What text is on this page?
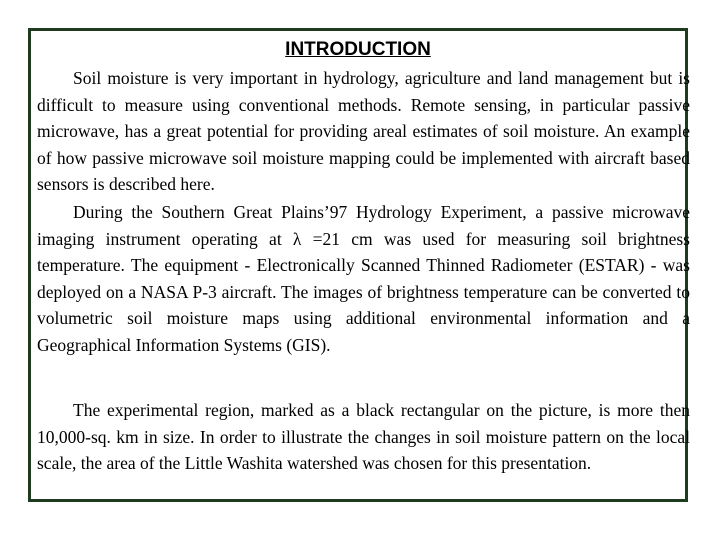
INTRODUCTION

Soil moisture is very important in hydrology, agriculture and land management but is difficult to measure using conventional methods. Remote sensing, in particular passive microwave, has a great potential for providing areal estimates of soil moisture. An example of how passive microwave soil moisture mapping could be implemented with aircraft based sensors is described here.

During the Southern Great Plains’97 Hydrology Experiment, a passive microwave imaging instrument operating at λ =21 cm was used for measuring soil brightness temperature. The equipment - Electronically Scanned Thinned Radiometer (ESTAR) - was deployed on a NASA P-3 aircraft. The images of brightness temperature can be converted to volumetric soil moisture maps using additional environmental information and a Geographical Information Systems (GIS).

The experimental region, marked as a black rectangular on the picture, is more then 10,000-sq. km in size. In order to illustrate the changes in soil moisture pattern on the local scale, the area of the Little Washita watershed was chosen for this presentation.
